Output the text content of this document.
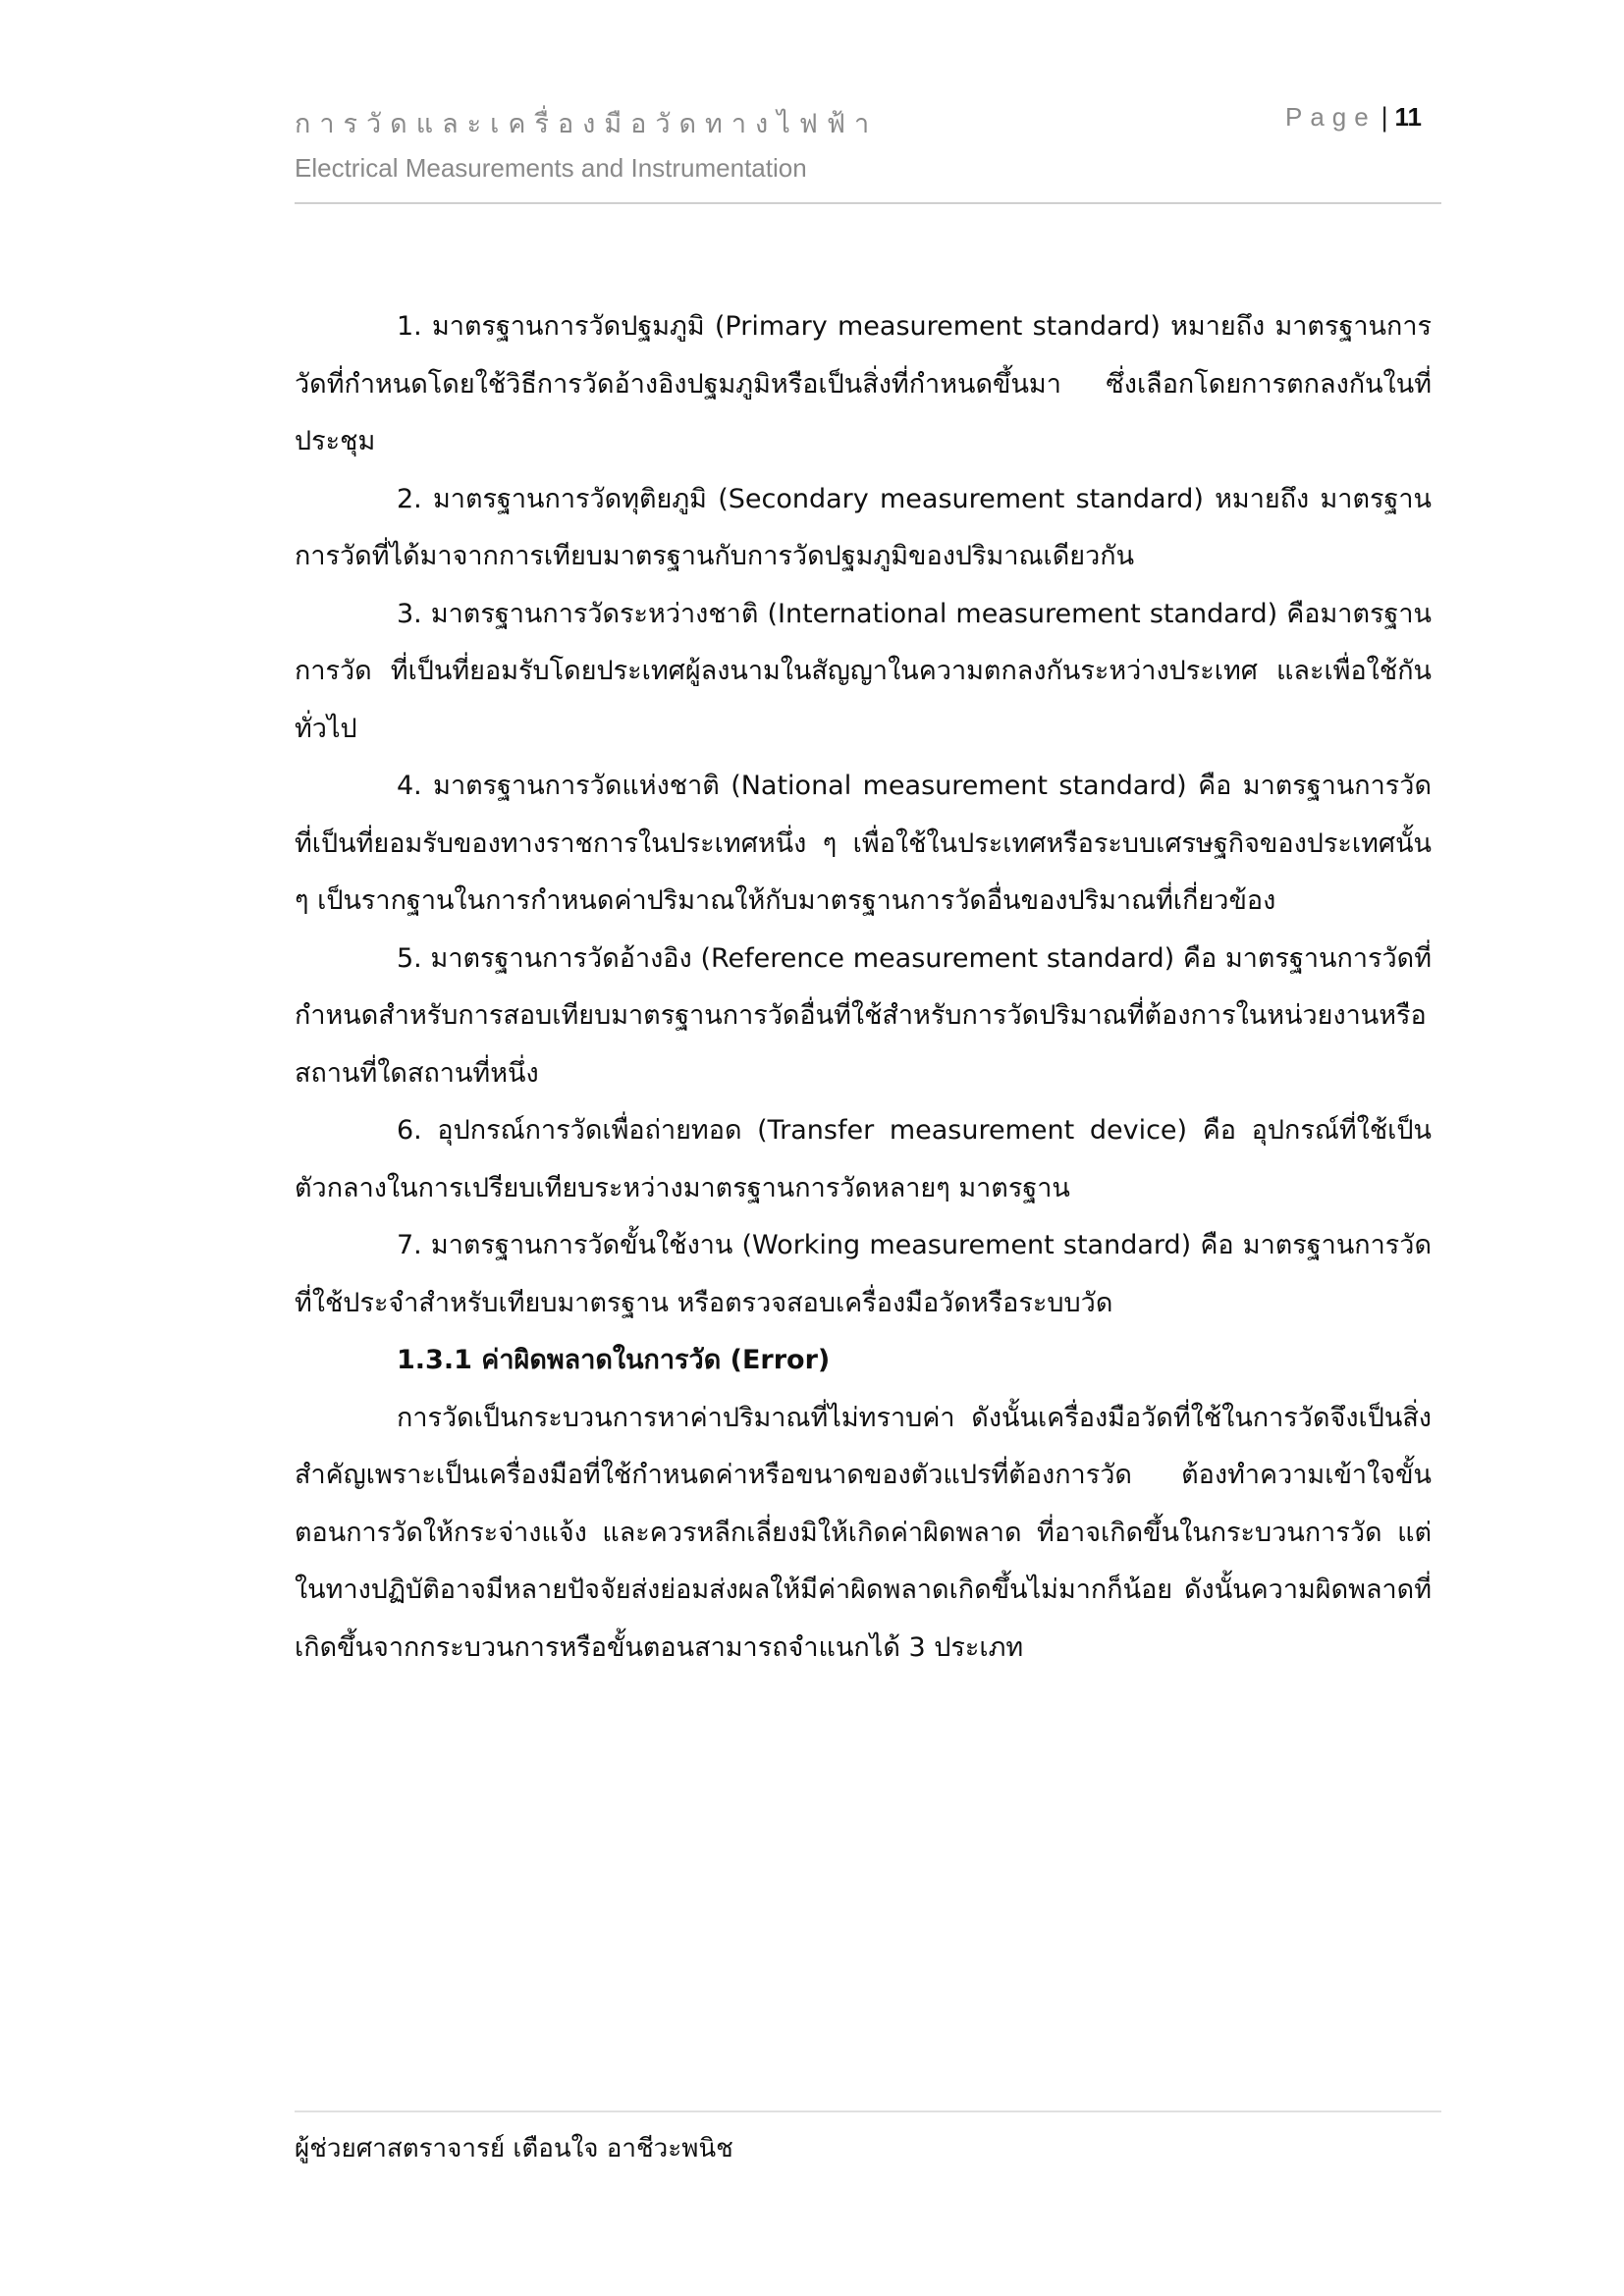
การวัดและเครื่องมือวัดทางไฟฟ้า
Electrical Measurements and Instrumentation
Page | 11

1. มาตรฐานการวัดปฐมภูมิ (Primary measurement standard) หมายถึง มาตรฐานการวัดที่กำหนดโดยใช้วิธีการวัดอ้างอิงปฐมภูมิหรือเป็นสิ่งที่กำหนดขึ้นมา ซึ่งเลือกโดยการตกลงกันในที่ประชุม

2. มาตรฐานการวัดทุติยภูมิ (Secondary measurement standard) หมายถึง มาตรฐานการวัดที่ได้มาจากการเทียบมาตรฐานกับการวัดปฐมภูมิของปริมาณเดียวกัน

3. มาตรฐานการวัดระหว่างชาติ (International measurement standard) คือมาตรฐานการวัด ที่เป็นที่ยอมรับโดยประเทศผู้ลงนามในสัญญาในความตกลงกันระหว่างประเทศ และเพื่อใช้กันทั่วไป

4. มาตรฐานการวัดแห่งชาติ (National measurement standard) คือ มาตรฐานการวัดที่เป็นที่ยอมรับของทางราชการในประเทศหนึ่ง ๆ เพื่อใช้ในประเทศหรือระบบเศรษฐกิจของประเทศนั้น ๆ เป็นรากฐานในการกำหนดค่าปริมาณให้กับมาตรฐานการวัดอื่นของปริมาณที่เกี่ยวข้อง

5. มาตรฐานการวัดอ้างอิง (Reference measurement standard) คือ มาตรฐานการวัดที่กำหนดสำหรับการสอบเทียบมาตรฐานการวัดอื่นที่ใช้สำหรับการวัดปริมาณที่ต้องการในหน่วยงานหรือสถานที่ใดสถานที่หนึ่ง

6. อุปกรณ์การวัดเพื่อถ่ายทอด (Transfer measurement device) คือ อุปกรณ์ที่ใช้เป็นตัวกลางในการเปรียบเทียบระหว่างมาตรฐานการวัดหลายๆ มาตรฐาน

7. มาตรฐานการวัดขั้นใช้งาน (Working measurement standard) คือ มาตรฐานการวัดที่ใช้ประจำสำหรับเทียบมาตรฐาน หรือตรวจสอบเครื่องมือวัดหรือระบบวัด

1.3.1 ค่าผิดพลาดในการวัด (Error)

การวัดเป็นกระบวนการหาค่าปริมาณที่ไม่ทราบค่า ดังนั้นเครื่องมือวัดที่ใช้ในการวัดจึงเป็นสิ่งสำคัญเพราะเป็นเครื่องมือที่ใช้กำหนดค่าหรือขนาดของตัวแปรที่ต้องการวัด ต้องทำความเข้าใจขั้นตอนการวัดให้กระจ่างแจ้ง และควรหลีกเลี่ยงมิให้เกิดค่าผิดพลาด ที่อาจเกิดขึ้นในกระบวนการวัด แต่ในทางปฏิบัติอาจมีหลายปัจจัยส่งย่อมส่งผลให้มีค่าผิดพลาดเกิดขึ้นไม่มากก็น้อย ดังนั้นความผิดพลาดที่เกิดขึ้นจากกระบวนการหรือขั้นตอนสามารถจำแนกได้ 3 ประเภท

ผู้ช่วยศาสตราจารย์ เตือนใจ อาชีวะพนิช
